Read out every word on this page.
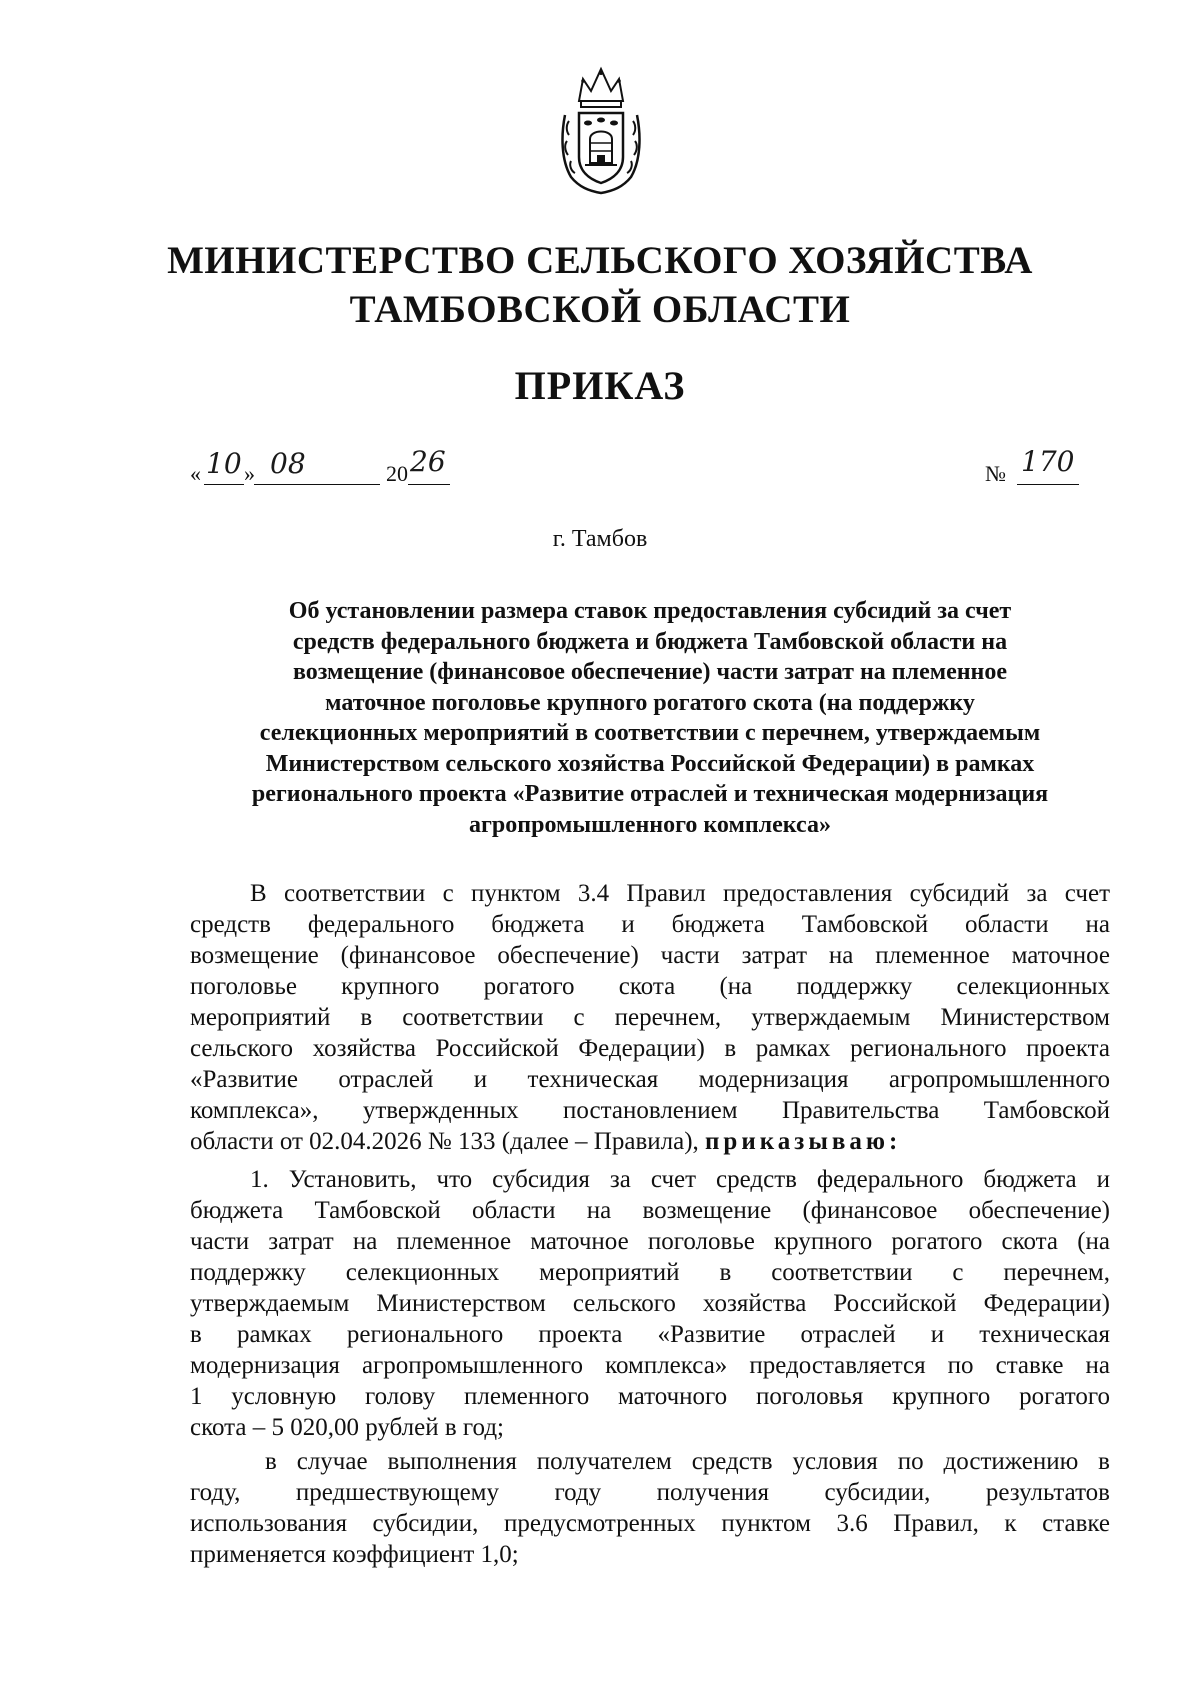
МИНИСТЕРСТВО СЕЛЬСКОГО ХОЗЯЙСТВА
ТАМБОВСКОЙ ОБЛАСТИ
ПРИКАЗ
« 10 » 08	20 26	№ 170
г. Тамбов
Об установлении размера ставок предоставления субсидий за счет
средств федерального бюджета и бюджета Тамбовской области на
возмещение (финансовое обеспечение) части затрат на племенное
маточное поголовье крупного рогатого скота (на поддержку
селекционных мероприятий в соответствии с перечнем, утверждаемым
Министерством сельского хозяйства Российской Федерации) в рамках
регионального проекта «Развитие отраслей и техническая модернизация
агропромышленного комплекса»
В соответствии с пунктом 3.4 Правил предоставления субсидий за счет
средств федерального бюджета и бюджета Тамбовской области на
возмещение (финансовое обеспечение) части затрат на племенное маточное
поголовье крупного рогатого скота (на поддержку селекционных
мероприятий в соответствии с перечнем, утверждаемым Министерством
сельского хозяйства Российской Федерации) в рамках регионального проекта
«Развитие отраслей и техническая модернизация агропромышленного
комплекса», утвержденных постановлением Правительства Тамбовской
области от 02.04.2026 № 133 (далее – Правила), приказываю:
1. Установить, что субсидия за счет средств федерального бюджета и
бюджета Тамбовской области на возмещение (финансовое обеспечение)
части затрат на племенное маточное поголовье крупного рогатого скота (на
поддержку селекционных мероприятий в соответствии с перечнем,
утверждаемым Министерством сельского хозяйства Российской Федерации)
в рамках регионального проекта «Развитие отраслей и техническая
модернизация агропромышленного комплекса» предоставляется по ставке на
1 условную голову племенного маточного поголовья крупного рогатого
скота – 5 020,00 рублей в год;
в случае выполнения получателем средств условия по достижению в
году, предшествующему году получения субсидии, результатов
использования субсидии, предусмотренных пунктом 3.6 Правил, к ставке
применяется коэффициент 1,0;
